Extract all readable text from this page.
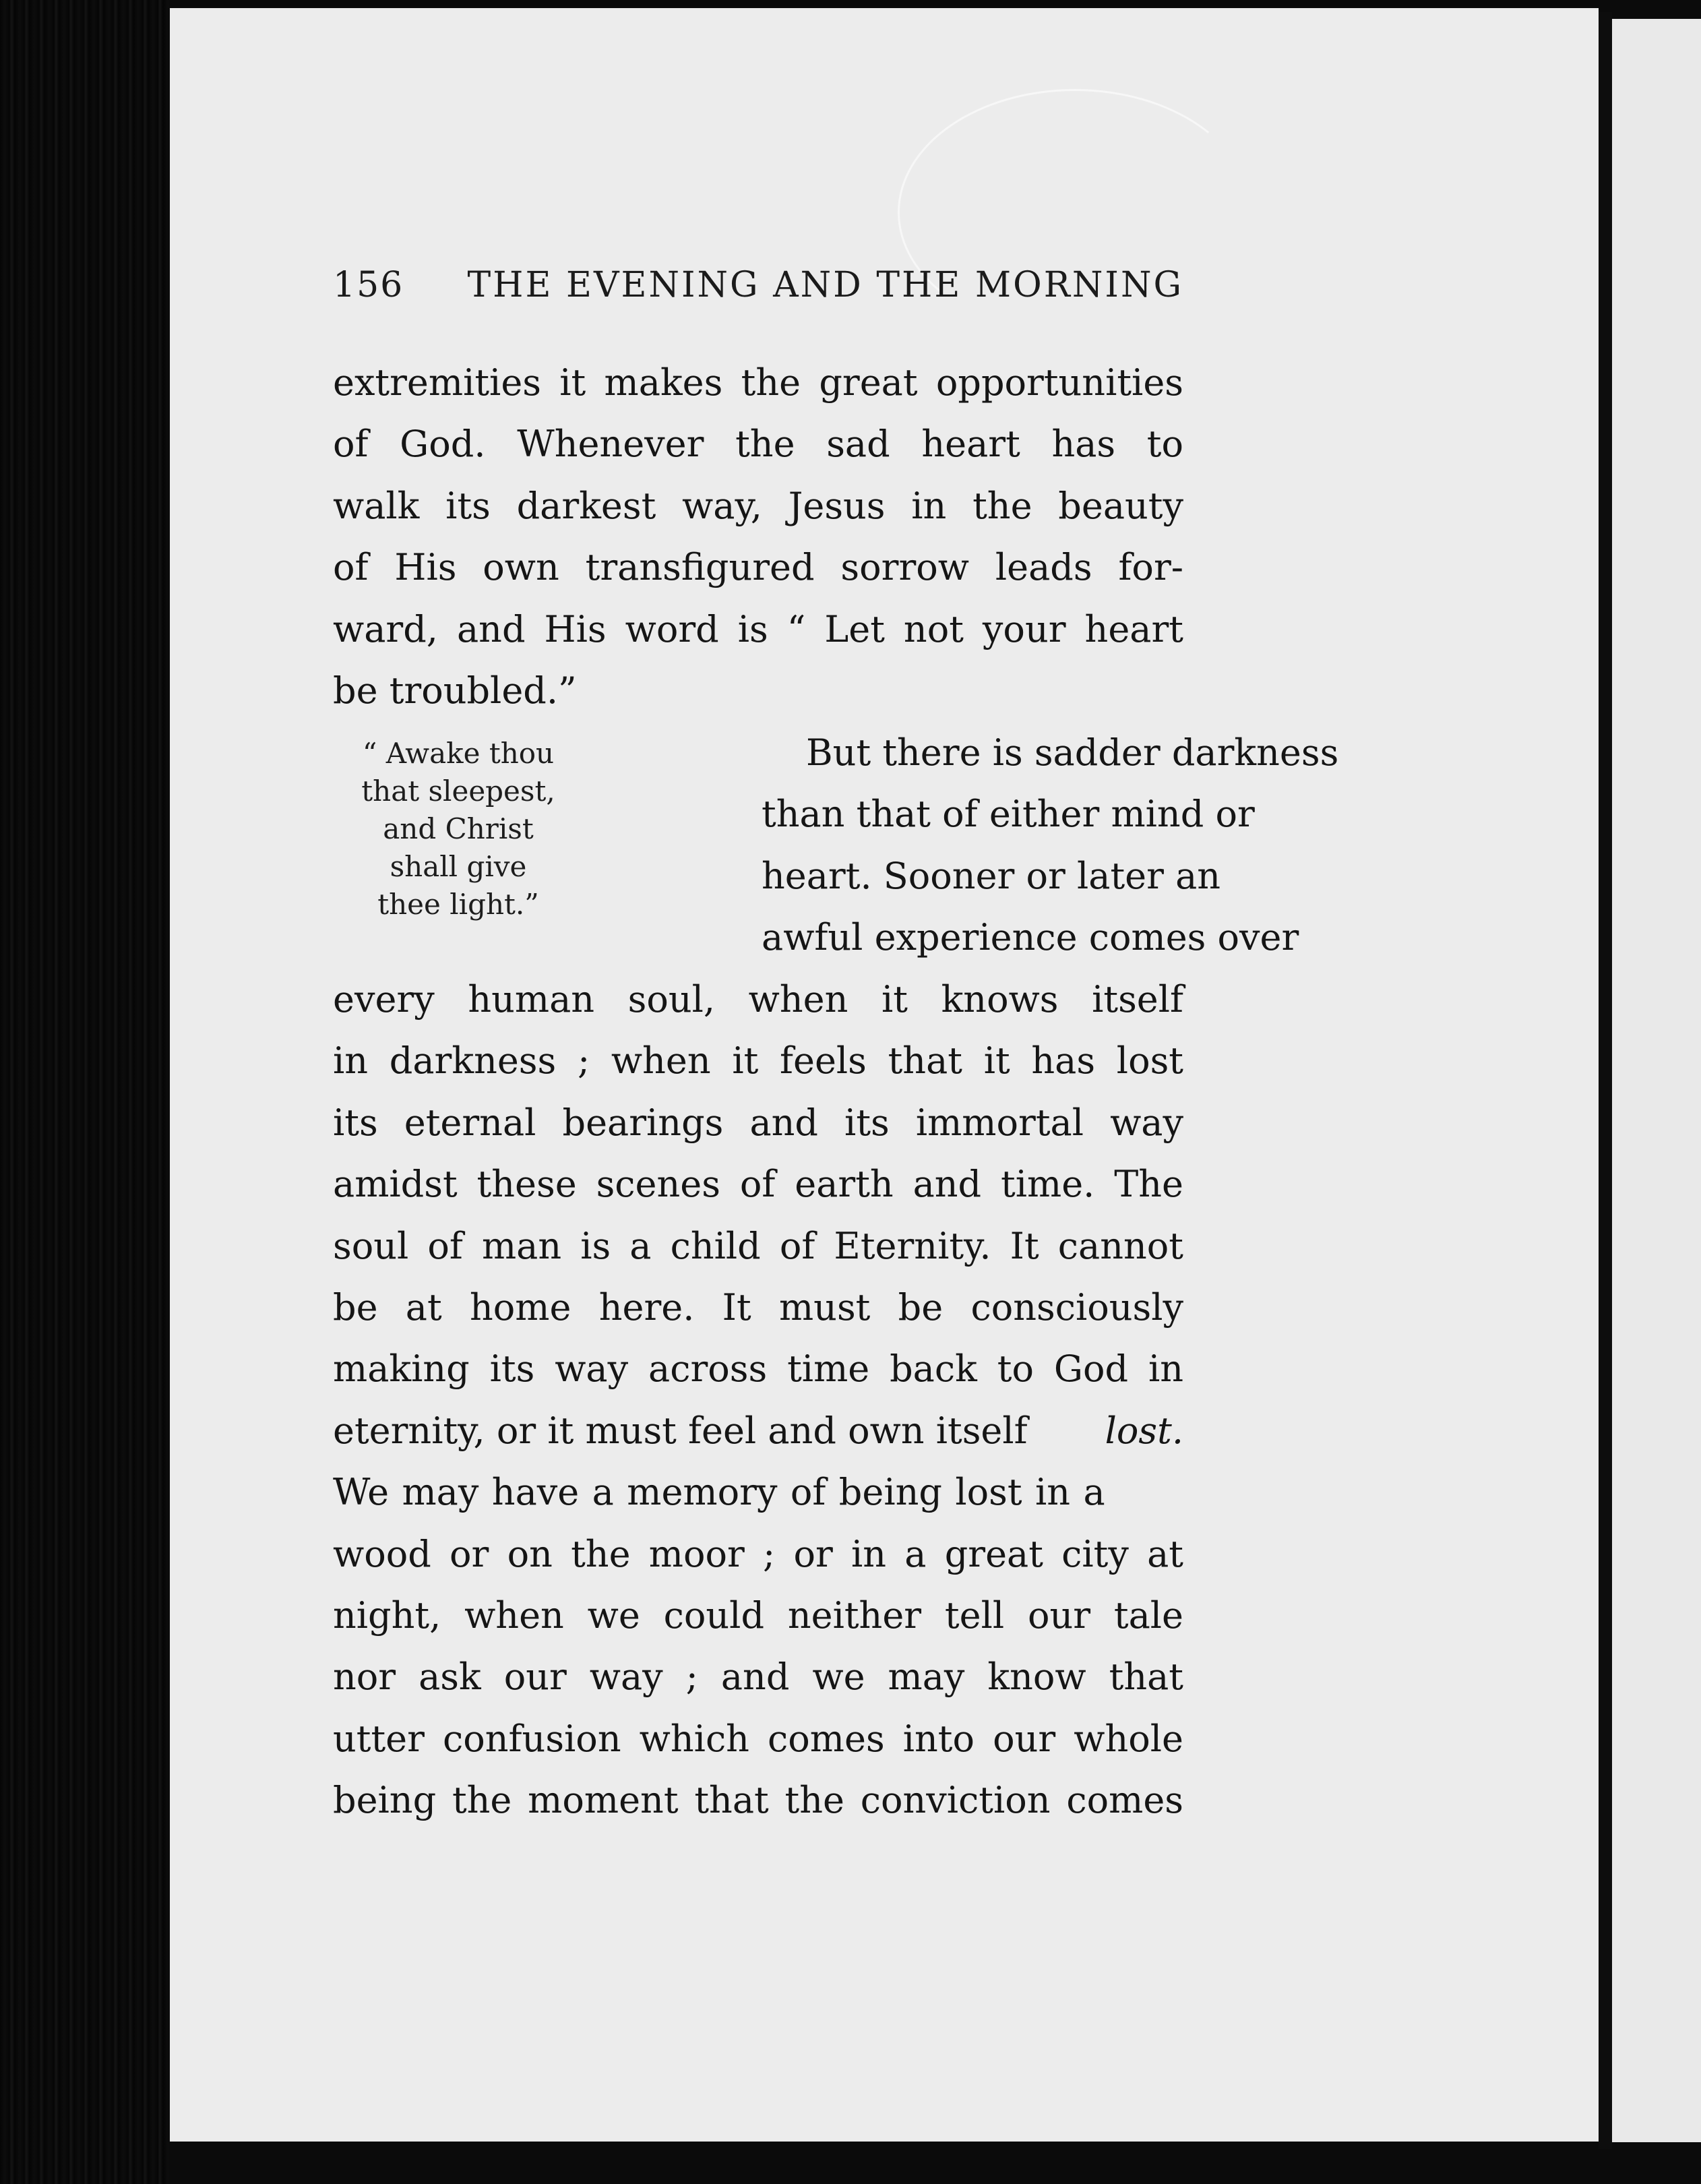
156 THE EVENING AND THE MORNING
extremities it makes the great opportunities
of God. Whenever the sad heart has to
walk its darkest way, Jesus in the beauty
of His own transfigured sorrow leads for-
ward, and His word is “ Let not your heart
be troubled.”
“ Awake thou
that sleepest,
and Christ
shall give
thee light.”
But there is sadder darkness
than that of either mind or
heart. Sooner or later an
awful experience comes over
every human soul, when it knows itself
in darkness ; when it feels that it has lost
its eternal bearings and its immortal way
amidst these scenes of earth and time. The
soul of man is a child of Eternity. It cannot
be at home here. It must be consciously
making its way across time back to God in
eternity, or it must feel and own itself lost.
We may have a memory of being lost in a
wood or on the moor ; or in a great city at
night, when we could neither tell our tale
nor ask our way ; and we may know that
utter confusion which comes into our whole
being the moment that the conviction comes
